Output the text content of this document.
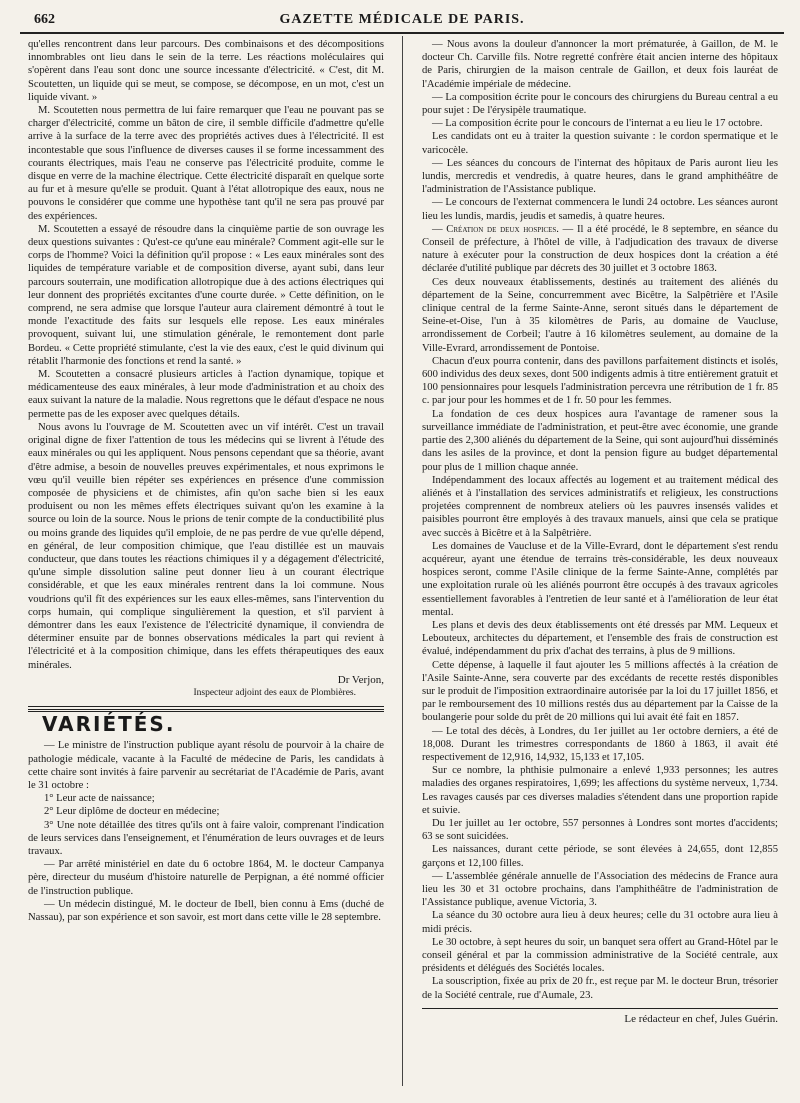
662	GAZETTE MÉDICALE DE PARIS.

qu'elles rencontrent dans leur parcours. Des combinaisons et des décompositions innombrables ont lieu dans le sein de la terre. Les réactions moléculaires qui s'opèrent dans l'eau sont donc une source incessante d'électricité. « C'est, dit M. Scoutetten, un liquide qui se meut, se compose, se décompose, en un mot, c'est un liquide vivant. »

M. Scoutetten nous permettra de lui faire remarquer que l'eau ne pouvant pas se charger d'électricité, comme un bâton de cire, il semble difficile d'admettre qu'elle arrive à la surface de la terre avec des propriétés actives dues à l'électricité. Il est incontestable que sous l'influence de diverses causes il se forme incessamment des courants électriques, mais l'eau ne conserve pas l'électricité produite, comme le disque en verre de la machine électrique. Cette électricité disparaît en quelque sorte au fur et à mesure qu'elle se produit. Quant à l'état allotropique des eaux, nous ne pouvons le considérer que comme une hypothèse tant qu'il ne sera pas prouvé par des expériences.

M. Scoutetten a essayé de résoudre dans la cinquième partie de son ouvrage les deux questions suivantes : Qu'est-ce qu'une eau minérale? Comment agit-elle sur le corps de l'homme? Voici la définition qu'il propose : « Les eaux minérales sont des liquides de température variable et de composition diverse, ayant subi, dans leur parcours souterrain, une modification allotropique due à des actions électriques qui leur donnent des propriétés excitantes d'une courte durée. » Cette définition, on le comprend, ne sera admise que lorsque l'auteur aura clairement démontré à tout le monde l'exactitude des faits sur lesquels elle repose. Les eaux minérales provoquent, suivant lui, une stimulation générale, le remontement dont parle Bordeu. « Cette propriété stimulante, c'est la vie des eaux, c'est le quid divinum qui rétablit l'harmonie des fonctions et rend la santé. »

M. Scoutetten a consacré plusieurs articles à l'action dynamique, topique et médicamenteuse des eaux minérales, à leur mode d'administration et au choix des eaux suivant la nature de la maladie. Nous regrettons que le défaut d'espace ne nous permette pas de les exposer avec quelques détails.

Nous avons lu l'ouvrage de M. Scoutetten avec un vif intérêt. C'est un travail original digne de fixer l'attention de tous les médecins qui se livrent à l'étude des eaux minérales ou qui les appliquent. Nous pensons cependant que sa théorie, avant d'être admise, a besoin de nouvelles preuves expérimentales, et nous exprimons le vœu qu'il veuille bien répéter ses expériences en présence d'une commission composée de physiciens et de chimistes, afin qu'on sache bien si les eaux produisent ou non les mêmes effets électriques suivant qu'on les examine à la source ou loin de la source. Nous le prions de tenir compte de la conductibilité plus ou moins grande des liquides qu'il emploie, de ne pas perdre de vue qu'elle dépend, en général, de leur composition chimique, que l'eau distillée est un mauvais conducteur, que dans toutes les réactions chimiques il y a dégagement d'électricité, qu'une simple dissolution saline peut donner lieu à un courant électrique considérable, et que les eaux minérales rentrent dans la loi commune. Nous voudrions qu'il fît des expériences sur les eaux elles-mêmes, sans l'intervention du corps humain, qui complique singulièrement la question, et s'il parvient à démontrer dans les eaux l'existence de l'électricité dynamique, il conviendra de déterminer ensuite par de bonnes observations médicales la part qui revient à l'électricité et à la composition chimique, dans les effets thérapeutiques des eaux minérales.

Dr Verjon,
Inspecteur adjoint des eaux de Plombières.
VARIÉTÉS.

— Le ministre de l'instruction publique ayant résolu de pourvoir à la chaire de pathologie médicale, vacante à la Faculté de médecine de Paris, les candidats à cette chaire sont invités à faire parvenir au secrétariat de l'Académie de Paris, avant le 31 octobre :

1° Leur acte de naissance;

2° Leur diplôme de docteur en médecine;

3° Une note détaillée des titres qu'ils ont à faire valoir, comprenant l'indication de leurs services dans l'enseignement, et l'énumération de leurs ouvrages et de leurs travaux.

— Par arrêté ministériel en date du 6 octobre 1864, M. le docteur Campanya père, directeur du muséum d'histoire naturelle de Perpignan, a été nommé officier de l'instruction publique.

— Un médecin distingué, M. le docteur de Ibell, bien connu à Ems (duché de Nassau), par son expérience et son savoir, est mort dans cette ville le 28 septembre.

— Nous avons la douleur d'annoncer la mort prématurée, à Gaillon, de M. le docteur Ch. Carville fils. Notre regretté confrère était ancien interne des hôpitaux de Paris, chirurgien de la maison centrale de Gaillon, et deux fois lauréat de l'Académie impériale de médecine.

— La composition écrite pour le concours des chirurgiens du Bureau central a eu pour sujet : De l'érysipèle traumatique.

— La composition écrite pour le concours de l'internat a eu lieu le 17 octobre.

Les candidats ont eu à traiter la question suivante : le cordon spermatique et le varicocèle.

— Les séances du concours de l'internat des hôpitaux de Paris auront lieu les lundis, mercredis et vendredis, à quatre heures, dans le grand amphithéâtre de l'administration de l'Assistance publique.

— Le concours de l'externat commencera le lundi 24 octobre. Les séances auront lieu les lundis, mardis, jeudis et samedis, à quatre heures.

— Création de deux hospices. — Il a été procédé, le 8 septembre, en séance du Conseil de préfecture, à l'hôtel de ville, à l'adjudication des travaux de diverse nature à exécuter pour la construction de deux hospices dont la création a été déclarée d'utilité publique par décrets des 30 juillet et 3 octobre 1863.

Ces deux nouveaux établissements, destinés au traitement des aliénés du département de la Seine, concurremment avec Bicêtre, la Salpêtrière et l'Asile clinique central de la ferme Sainte-Anne, seront situés dans le département de Seine-et-Oise, l'un à 35 kilomètres de Paris, au domaine de Vaucluse, arrondissement de Corbeil; l'autre à 16 kilomètres seulement, au domaine de la Ville-Evrard, arrondissement de Pontoise.

Chacun d'eux pourra contenir, dans des pavillons parfaitement distincts et isolés, 600 individus des deux sexes, dont 500 indigents admis à titre entièrement gratuit et 100 pensionnaires pour lesquels l'administration percevra une rétribution de 1 fr. 85 c. par jour pour les hommes et de 1 fr. 50 pour les femmes.

La fondation de ces deux hospices aura l'avantage de ramener sous la surveillance immédiate de l'administration, et peut-être avec économie, une grande partie des 2,300 aliénés du département de la Seine, qui sont aujourd'hui disséminés dans les asiles de la province, et dont la pension figure au budget départemental pour plus de 1 million chaque année.

Indépendamment des locaux affectés au logement et au traitement médical des aliénés et à l'installation des services administratifs et religieux, les constructions projetées comprennent de nombreux ateliers où les pauvres insensés valides et paisibles pourront être employés à des travaux manuels, ainsi que cela se pratique avec succès à Bicêtre et à la Salpêtrière.

Les domaines de Vaucluse et de la Ville-Evrard, dont le département s'est rendu acquéreur, ayant une étendue de terrains très-considérable, les deux nouveaux hospices seront, comme l'Asile clinique de la ferme Sainte-Anne, complétés par une exploitation rurale où les aliénés pourront être occupés à des travaux agricoles essentiellement favorables à l'entretien de leur santé et à l'amélioration de leur état mental.

Les plans et devis des deux établissements ont été dressés par MM. Lequeux et Lebouteux, architectes du département, et l'ensemble des frais de construction est évalué, indépendamment du prix d'achat des terrains, à plus de 9 millions.

Cette dépense, à laquelle il faut ajouter les 5 millions affectés à la création de l'Asile Sainte-Anne, sera couverte par des excédants de recette restés disponibles sur le produit de l'imposition extraordinaire autorisée par la loi du 17 juillet 1856, et par le remboursement des 10 millions restés dus au département par la Caisse de la boulangerie pour solde du prêt de 20 millions qui lui avait été fait en 1857.

— Le total des décès, à Londres, du 1er juillet au 1er octobre derniers, a été de 18,008. Durant les trimestres correspondants de 1860 à 1863, il avait été respectivement de 12,916, 14,932, 15,133 et 17,105.

Sur ce nombre, la phthisie pulmonaire a enlevé 1,933 personnes; les autres maladies des organes respiratoires, 1,699; les affections du système nerveux, 1,734. Les ravages causés par ces diverses maladies s'étendent dans une proportion rapide et suivie.

Du 1er juillet au 1er octobre, 557 personnes à Londres sont mortes d'accidents; 63 se sont suicidées.

Les naissances, durant cette période, se sont élevées à 24,655, dont 12,855 garçons et 12,100 filles.

— L'assemblée générale annuelle de l'Association des médecins de France aura lieu les 30 et 31 octobre prochains, dans l'amphithéâtre de l'administration de l'Assistance publique, avenue Victoria, 3.

La séance du 30 octobre aura lieu à deux heures; celle du 31 octobre aura lieu à midi précis.

Le 30 octobre, à sept heures du soir, un banquet sera offert au Grand-Hôtel par le conseil général et par la commission administrative de la Société centrale, aux présidents et délégués des Sociétés locales.

La souscription, fixée au prix de 20 fr., est reçue par M. le docteur Brun, trésorier de la Société centrale, rue d'Aumale, 23.

Le rédacteur en chef, Jules Guérin.
